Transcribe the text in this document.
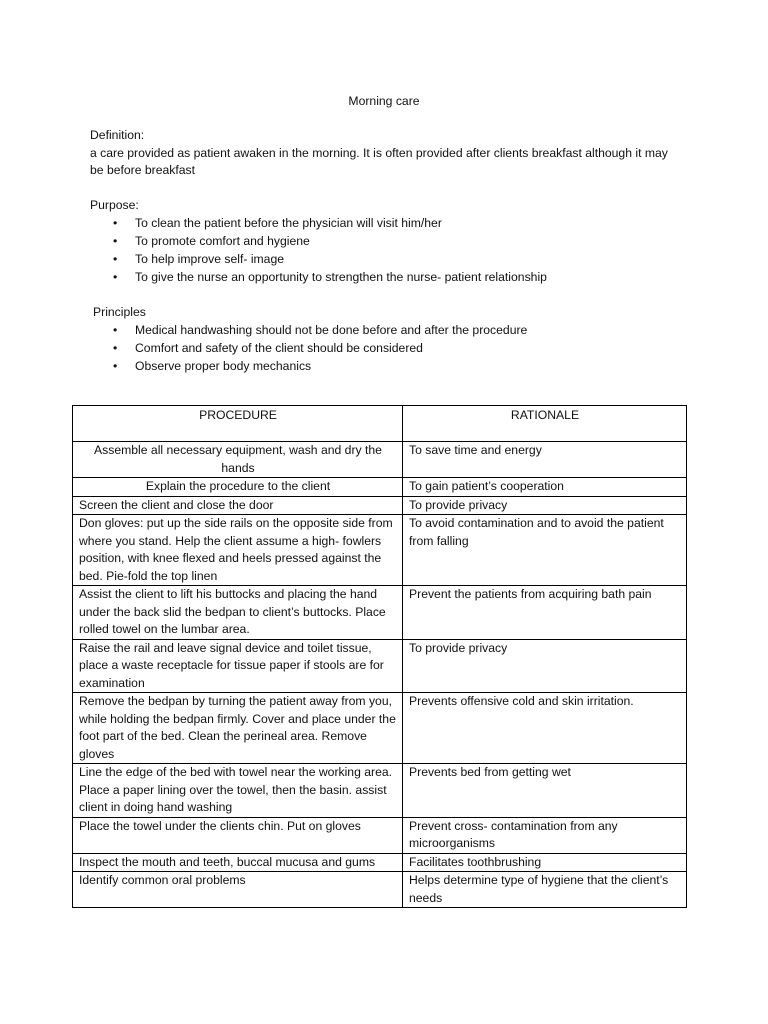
Morning care

Definition:

a care provided as patient awaken in the morning. It is often provided after clients breakfast although it may be before breakfast

Purpose:

• To clean the patient before the physician will visit him/her
• To promote comfort and hygiene
• To help improve self- image
• To give the nurse an opportunity to strengthen the nurse- patient relationship

Principles

• Medical handwashing should not be done before and after the procedure
• Comfort and safety of the client should be considered
• Observe proper body mechanics
PROCEDURE	RATIONALE
Assemble all necessary equipment, wash and dry the hands	To save time and energy
Explain the procedure to the client	To gain patient’s cooperation
Screen the client and close the door	To provide privacy
Don gloves: put up the side rails on the opposite side from where you stand. Help the client assume a high- fowlers position, with knee flexed and heels pressed against the bed. Pie-fold the top linen	To avoid contamination and to avoid the patient from falling
Assist the client to lift his buttocks and placing the hand under the back slid the bedpan to client’s buttocks. Place rolled towel on the lumbar area.	Prevent the patients from acquiring bath pain
Raise the rail and leave signal device and toilet tissue, place a waste receptacle for tissue paper if stools are for examination	To provide privacy
Remove the bedpan by turning the patient away from you, while holding the bedpan firmly. Cover and place under the foot part of the bed. Clean the perineal area. Remove gloves	Prevents offensive cold and skin irritation.
Line the edge of the bed with towel near the working area. Place a paper lining over the towel, then the basin. assist client in doing hand washing	Prevents bed from getting wet
Place the towel under the clients chin. Put on gloves	Prevent cross- contamination from any microorganisms
Inspect the mouth and teeth, buccal mucusa and gums	Facilitates toothbrushing
Identify common oral problems	Helps determine type of hygiene that the client’s needs
